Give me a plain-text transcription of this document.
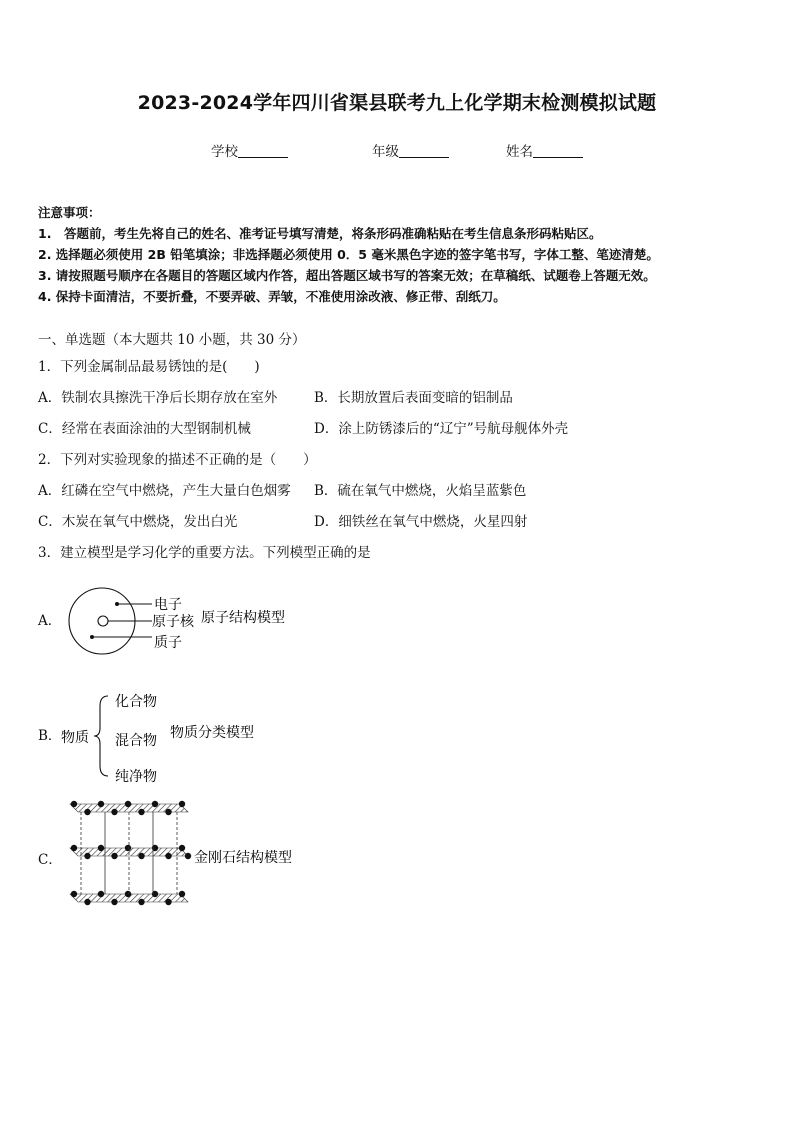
2023-2024学年四川省渠县联考九上化学期末检测模拟试题
学校	年级	姓名
注意事项：
1.　答题前，考生先将自己的姓名、准考证号填写清楚，将条形码准确粘贴在考生信息条形码粘贴区。
2. 选择题必须使用 2B 铅笔填涂；非选择题必须使用 0．5 毫米黑色字迹的签字笔书写，字体工整、笔迹清楚。
3. 请按照题号顺序在各题目的答题区域内作答，超出答题区域书写的答案无效；在草稿纸、试题卷上答题无效。
4. 保持卡面清洁，不要折叠，不要弄破、弄皱，不准使用涂改液、修正带、刮纸刀。
一、单选题（本大题共 10 小题，共 30 分）
1．下列金属制品最易锈蚀的是(　　)
A．铁制农具擦洗干净后长期存放在室外	B．长期放置后表面变暗的铝制品
C．经常在表面涂油的大型钢制机械	D．涂上防锈漆后的“辽宁”号航母舰体外壳
2．下列对实验现象的描述不正确的是（　　）
A．红磷在空气中燃烧，产生大量白色烟雾 B．硫在氧气中燃烧，火焰呈蓝紫色
C．木炭在氧气中燃烧，发出白光	D．细铁丝在氧气中燃烧，火星四射
3．建立模型是学习化学的重要方法。下列模型正确的是
A．
电子
原子核
质子
原子结构模型
B． 物质
化合物
混合物
纯净物
物质分类模型
C．	金刚石结构模型
